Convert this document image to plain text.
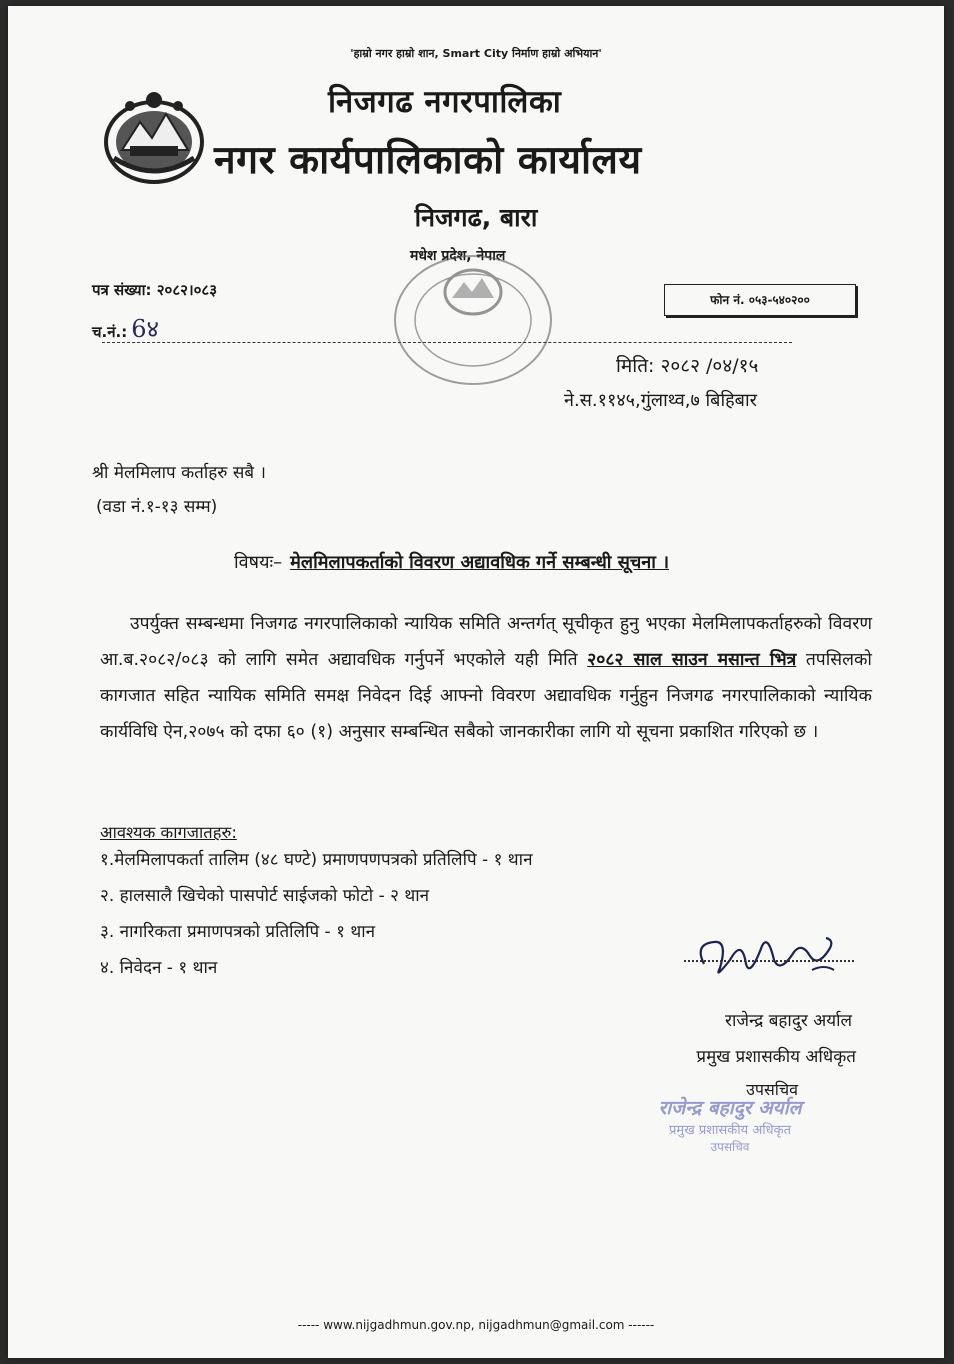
'हाम्रो नगर हाम्रो शान, Smart City निर्माण हाम्रो अभियान'
निजगढ नगरपालिका
नगर कार्यपालिकाको कार्यालय
निजगढ, बारा
मधेश प्रदेश, नेपाल
पत्र संख्या: २०८२।०८३
च.नं.: 6४
फोन नं. ०५३-५४०२००
मिति: २०८२ /०४/१५
ने.स.११४५,गुंलाथ्व,७ बिहिबार
श्री मेलमिलाप कर्ताहरु सबै ।
(वडा नं.१-१३ सम्म)
विषयः– मेलमिलापकर्ताको विवरण अद्यावधिक गर्ने सम्बन्धी सूचना ।
उपर्युक्त सम्बन्धमा निजगढ नगरपालिकाको न्यायिक समिति अन्तर्गत् सूचीकृत हुनु भएका मेलमिलापकर्ताहरुको विवरण आ.ब.२०८२/०८३ को लागि समेत अद्यावधिक गर्नुपर्ने भएकोले यही मिति २०८२ साल साउन मसान्त भित्र तपसिलको कागजात सहित न्यायिक समिति समक्ष निवेदन दिई आफ्नो विवरण अद्यावधिक गर्नुहुन निजगढ नगरपालिकाको न्यायिक कार्यविधि ऐन,२०७५ को दफा ६० (१) अनुसार सम्बन्धित सबैको जानकारीका लागि यो सूचना प्रकाशित गरिएको छ ।
आवश्यक कागजातहरु:
१.मेलमिलापकर्ता तालिम (४८ घण्टे) प्रमाणपणपत्रको प्रतिलिपि - १ थान
२. हालसालै खिचेको पासपोर्ट साईजको फोटो - २ थान
३. नागरिकता प्रमाणपत्रको प्रतिलिपि - १ थान
४. निवेदन - १ थान
राजेन्द्र बहादुर अर्याल
प्रमुख प्रशासकीय अधिकृत
उपसचिव
राजेन्द्र बहादुर अर्याल
प्रमुख प्रशासकीय अधिकृत
उपसचिव
----- www.nijgadhmun.gov.np, nijgadhmun@gmail.com ------
